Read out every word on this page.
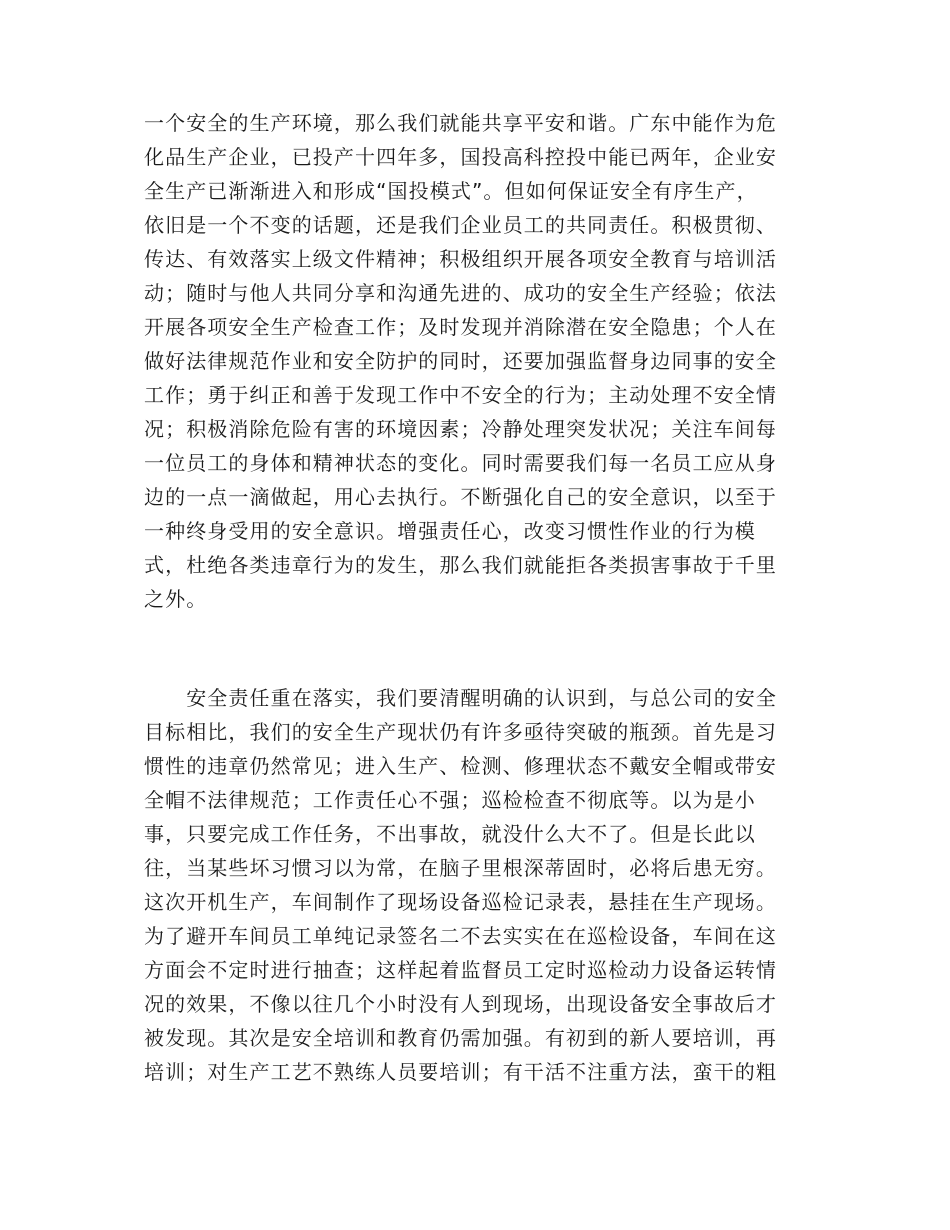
一个安全的生产环境，那么我们就能共享平安和谐。广东中能作为危
化品生产企业，已投产十四年多，国投高科控投中能已两年，企业安
全生产已渐渐进入和形成“国投模式”。但如何保证安全有序生产，
依旧是一个不变的话题，还是我们企业员工的共同责任。积极贯彻、
传达、有效落实上级文件精神；积极组织开展各项安全教育与培训活
动；随时与他人共同分享和沟通先进的、成功的安全生产经验；依法
开展各项安全生产检查工作；及时发现并消除潜在安全隐患；个人在
做好法律规范作业和安全防护的同时，还要加强监督身边同事的安全
工作；勇于纠正和善于发现工作中不安全的行为；主动处理不安全情
况；积极消除危险有害的环境因素；冷静处理突发状况；关注车间每
一位员工的身体和精神状态的变化。同时需要我们每一名员工应从身
边的一点一滴做起，用心去执行。不断强化自己的安全意识，以至于
一种终身受用的安全意识。增强责任心，改变习惯性作业的行为模
式，杜绝各类违章行为的发生，那么我们就能拒各类损害事故于千里
之外。
　　安全责任重在落实，我们要清醒明确的认识到，与总公司的安全
目标相比，我们的安全生产现状仍有许多亟待突破的瓶颈。首先是习
惯性的违章仍然常见；进入生产、检测、修理状态不戴安全帽或带安
全帽不法律规范；工作责任心不强；巡检检查不彻底等。以为是小
事，只要完成工作任务，不出事故，就没什么大不了。但是长此以
往，当某些坏习惯习以为常，在脑子里根深蒂固时，必将后患无穷。
这次开机生产，车间制作了现场设备巡检记录表，悬挂在生产现场。
为了避开车间员工单纯记录签名二不去实实在在巡检设备，车间在这
方面会不定时进行抽查；这样起着监督员工定时巡检动力设备运转情
况的效果，不像以往几个小时没有人到现场，出现设备安全事故后才
被发现。其次是安全培训和教育仍需加强。有初到的新人要培训，再
培训；对生产工艺不熟练人员要培训；有干活不注重方法，蛮干的粗
